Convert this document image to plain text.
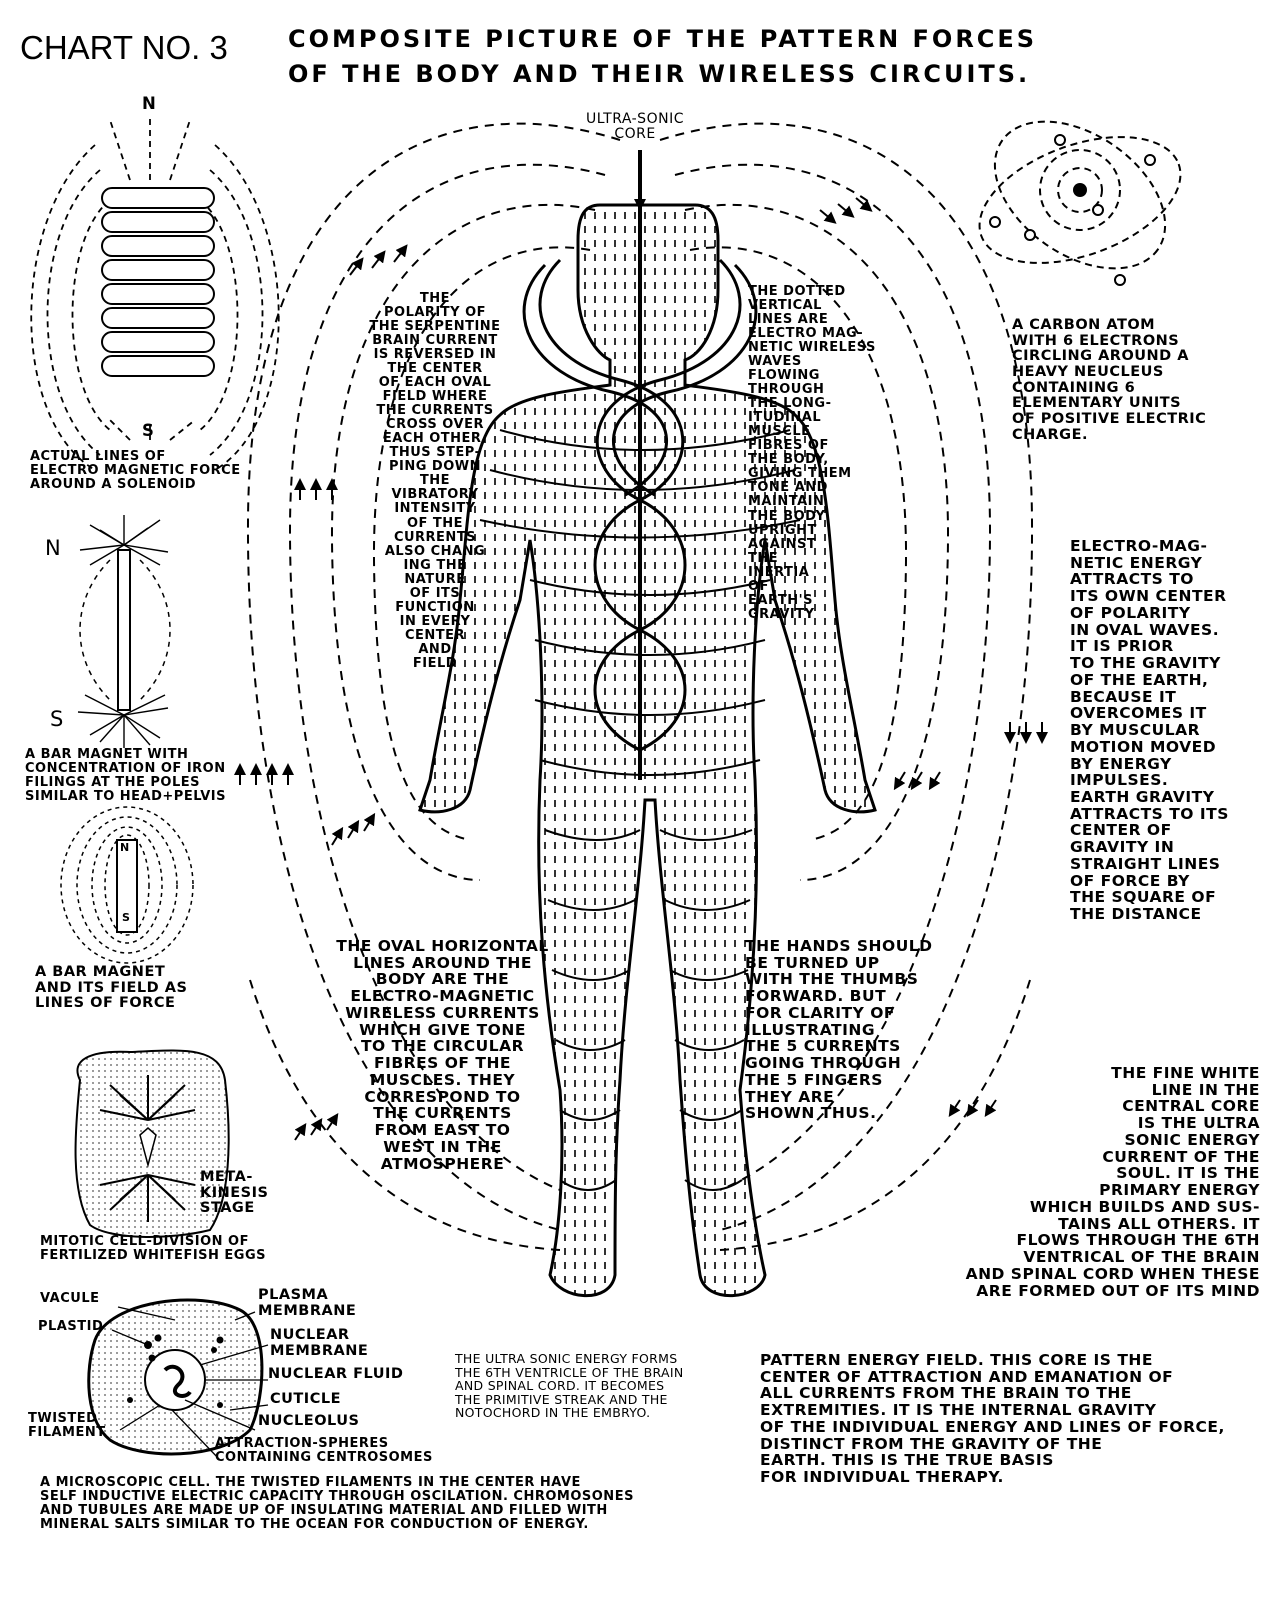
CHART NO. 3	COMPOSITE PICTURE OF THE PATTERN FORCES
OF THE BODY AND THEIR WIRELESS CIRCUITS.
ULTRA-SONIC
CORE
N
S
ACTUAL LINES OF
ELECTRO MAGNETIC FORCE
AROUND A SOLENOID
N
S
A BAR MAGNET WITH
CONCENTRATION OF IRON
FILINGS AT THE POLES
SIMILAR TO HEAD+PELVIS
N
S
A BAR MAGNET
AND ITS FIELD AS
LINES OF FORCE
META-
KINESIS
STAGE
MITOTIC CELL-DIVISION OF
FERTILIZED WHITEFISH EGGS
VACULE
PLASTID
TWISTED
FILAMENT
PLASMA
MEMBRANE
NUCLEAR
MEMBRANE
NUCLEAR FLUID
CUTICLE
NUCLEOLUS
ATTRACTION-SPHERES
CONTAINING CENTROSOMES
A MICROSCOPIC CELL. THE TWISTED FILAMENTS IN THE CENTER HAVE
SELF INDUCTIVE ELECTRIC CAPACITY THROUGH OSCILATION. CHROMOSONES
AND TUBULES ARE MADE UP OF INSULATING MATERIAL AND FILLED WITH
MINERAL SALTS SIMILAR TO THE OCEAN FOR CONDUCTION OF ENERGY.
A CARBON ATOM
WITH 6 ELECTRONS
CIRCLING AROUND A
HEAVY NEUCLEUS
CONTAINING 6
ELEMENTARY UNITS
OF POSITIVE ELECTRIC
CHARGE.
THE
POLARITY OF
THE SERPENTINE
BRAIN CURRENT
IS REVERSED IN
THE CENTER
OF EACH OVAL
FIELD WHERE
THE CURRENTS
CROSS OVER
EACH OTHER.
THUS STEP-
PING DOWN
THE
VIBRATORY
INTENSITY
OF THE
CURRENTS
ALSO CHANG
ING THE
NATURE
OF ITS
FUNCTION
IN EVERY
CENTER
AND
FIELD
THE DOTTED
VERTICAL
LINES ARE
ELECTRO MAG-
NETIC WIRELESS
WAVES
FLOWING
THROUGH
THE LONG-
ITUDINAL
MUSCLE
FIBRES OF
THE BODY,
GIVING THEM
TONE AND
MAINTAIN
THE BODY
UPRIGHT
AGAINST
THE
INERTIA
OF
EARTH'S
GRAVITY
ELECTRO-MAG-
NETIC ENERGY
ATTRACTS TO
ITS OWN CENTER
OF POLARITY
IN OVAL WAVES.
IT IS PRIOR
TO THE GRAVITY
OF THE EARTH,
BECAUSE IT
OVERCOMES IT
BY MUSCULAR
MOTION MOVED
BY ENERGY
IMPULSES.
EARTH GRAVITY
ATTRACTS TO ITS
CENTER OF
GRAVITY IN
STRAIGHT LINES
OF FORCE BY
THE SQUARE OF
THE DISTANCE
THE OVAL HORIZONTAL
LINES AROUND THE
BODY ARE THE
ELECTRO-MAGNETIC
WIRELESS CURRENTS
WHICH GIVE TONE
TO THE CIRCULAR
FIBRES OF THE
MUSCLES. THEY
CORRESPOND TO
THE CURRENTS
FROM EAST TO
WEST IN THE
ATMOSPHERE
THE HANDS SHOULD
BE TURNED UP
WITH THE THUMBS
FORWARD. BUT
FOR CLARITY OF
ILLUSTRATING
THE 5 CURRENTS
GOING THROUGH
THE 5 FINGERS
THEY ARE
SHOWN THUS.
THE FINE WHITE
LINE IN THE
CENTRAL CORE
IS THE ULTRA
SONIC ENERGY
CURRENT OF THE
SOUL. IT IS THE
PRIMARY ENERGY
WHICH BUILDS AND SUS-
TAINS ALL OTHERS. IT
FLOWS THROUGH THE 6TH
VENTRICAL OF THE BRAIN
AND SPINAL CORD WHEN THESE
ARE FORMED OUT OF ITS MIND
PATTERN ENERGY FIELD. THIS CORE IS THE
CENTER OF ATTRACTION AND EMANATION OF
ALL CURRENTS FROM THE BRAIN TO THE
EXTREMITIES. IT IS THE INTERNAL GRAVITY
OF THE INDIVIDUAL ENERGY AND LINES OF FORCE,
DISTINCT FROM THE GRAVITY OF THE
EARTH. THIS IS THE TRUE BASIS
FOR INDIVIDUAL THERAPY.
THE ULTRA SONIC ENERGY FORMS
THE 6TH VENTRICLE OF THE BRAIN
AND SPINAL CORD. IT BECOMES
THE PRIMITIVE STREAK AND THE
NOTOCHORD IN THE EMBRYO.
